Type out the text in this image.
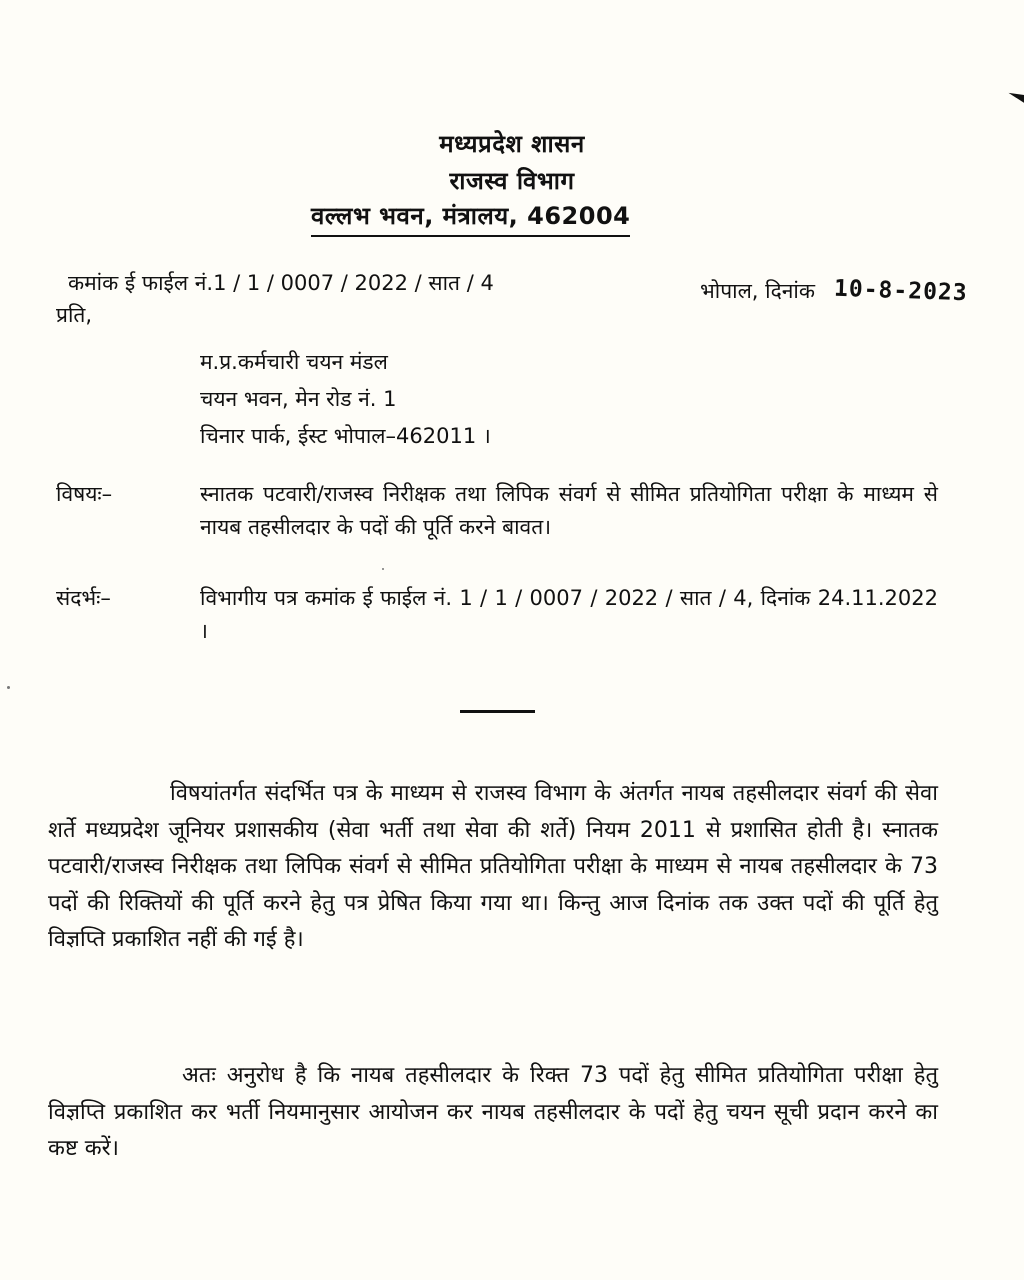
मध्यप्रदेश शासन
राजस्व विभाग
वल्लभ भवन, मंत्रालय, 462004
कमांक ई फाईल नं.1 / 1 / 0007 / 2022 / सात / 4	भोपाल, दिनांक 10-8-2023
प्रति,
म.प्र.कर्मचारी चयन मंडल
चयन भवन, मेन रोड नं. 1
चिनार पार्क, ईस्ट भोपाल–462011 ।
विषयः–	स्नातक पटवारी/राजस्व निरीक्षक तथा लिपिक संवर्ग से सीमित प्रतियोगिता परीक्षा के माध्यम से नायब तहसीलदार के पदों की पूर्ति करने बावत।
संदर्भः–	विभागीय पत्र कमांक ई फाईल नं. 1 / 1 / 0007 / 2022 / सात / 4, दिनांक 24.11.2022 ।
विषयांतर्गत संदर्भित पत्र के माध्यम से राजस्व विभाग के अंतर्गत नायब तहसीलदार संवर्ग की सेवा शर्ते मध्यप्रदेश जूनियर प्रशासकीय (सेवा भर्ती तथा सेवा की शर्ते) नियम 2011 से प्रशासित होती है। स्नातक पटवारी/राजस्व निरीक्षक तथा लिपिक संवर्ग से सीमित प्रतियोगिता परीक्षा के माध्यम से नायब तहसीलदार के 73 पदों की रिक्तियों की पूर्ति करने हेतु पत्र प्रेषित किया गया था। किन्तु आज दिनांक तक उक्त पदों की पूर्ति हेतु विज्ञप्ति प्रकाशित नहीं की गई है।
अतः अनुरोध है कि नायब तहसीलदार के रिक्त 73 पदों हेतु सीमित प्रतियोगिता परीक्षा हेतु विज्ञप्ति प्रकाशित कर भर्ती नियमानुसार आयोजन कर नायब तहसीलदार के पदों हेतु चयन सूची प्रदान करने का कष्ट करें।
